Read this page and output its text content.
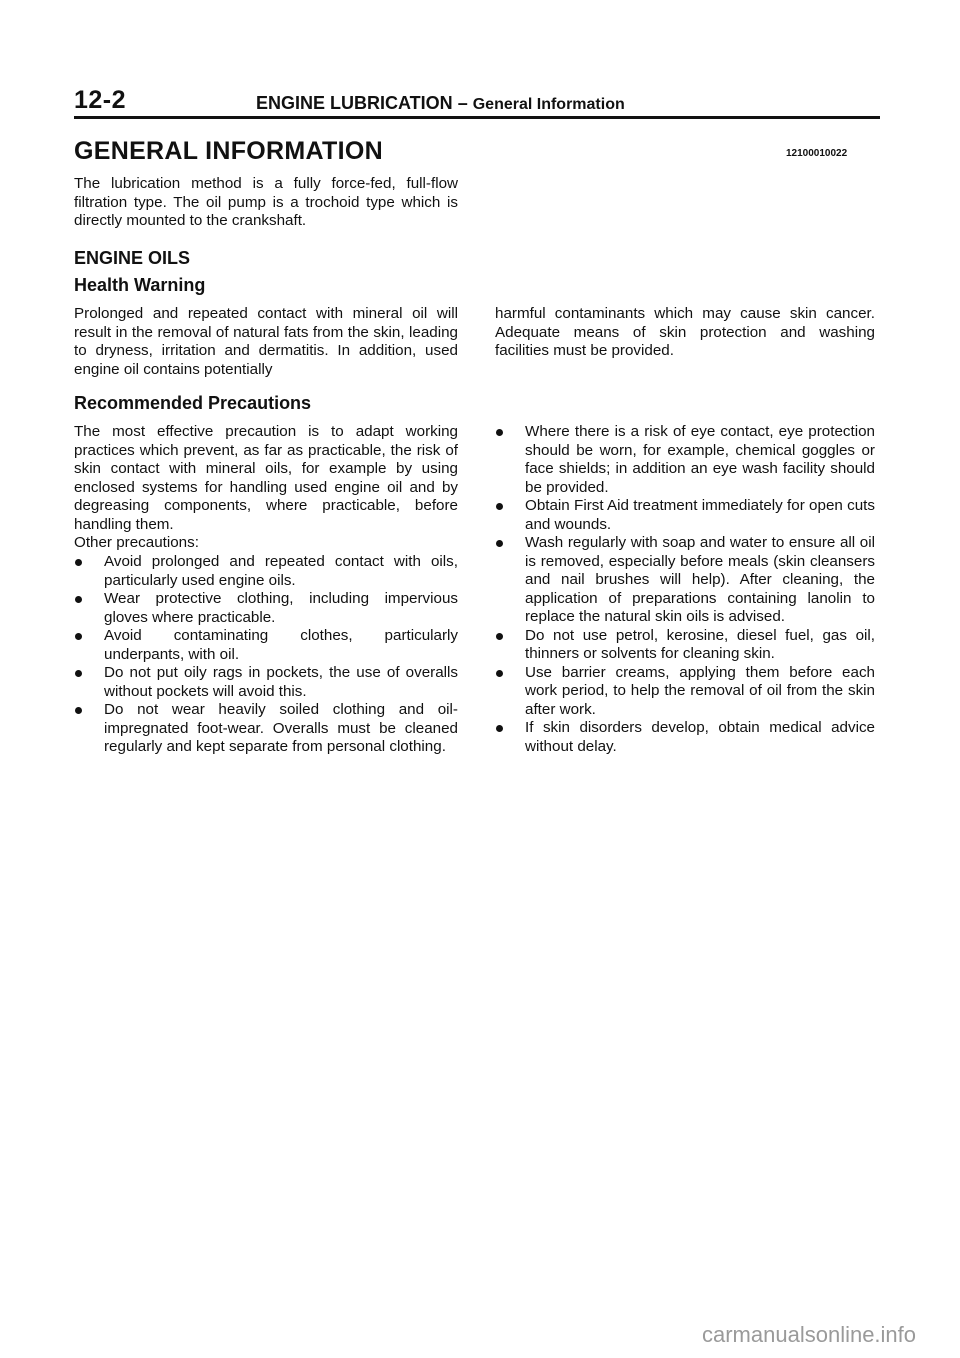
12-2	ENGINE LUBRICATION – General Information
GENERAL INFORMATION	12100010022

The lubrication method is a fully force-fed, full-flow filtration type. The oil pump is a trochoid type which is directly mounted to the crankshaft.

ENGINE OILS
Health Warning

Prolonged and repeated contact with mineral oil will result in the removal of natural fats from the skin, leading to dryness, irritation and dermatitis. In addition, used engine oil contains potentially

harmful contaminants which may cause skin cancer. Adequate means of skin protection and washing facilities must be provided.

Recommended Precautions

The most effective precaution is to adapt working practices which prevent, as far as practicable, the risk of skin contact with mineral oils, for example by using enclosed systems for handling used engine oil and by degreasing components, where practicable, before handling them.

Other precautions:

Avoid prolonged and repeated contact with oils, particularly used engine oils.
Wear protective clothing, including impervious gloves where practicable.
Avoid contaminating clothes, particularly underpants, with oil.
Do not put oily rags in pockets, the use of overalls without pockets will avoid this.
Do not wear heavily soiled clothing and oil-impregnated foot-wear. Overalls must be cleaned regularly and kept separate from personal clothing.
Where there is a risk of eye contact, eye protection should be worn, for example, chemical goggles or face shields; in addition an eye wash facility should be provided.
Obtain First Aid treatment immediately for open cuts and wounds.
Wash regularly with soap and water to ensure all oil is removed, especially before meals (skin cleansers and nail brushes will help). After cleaning, the application of preparations containing lanolin to replace the natural skin oils is advised.
Do not use petrol, kerosine, diesel fuel, gas oil, thinners or solvents for cleaning skin.
Use barrier creams, applying them before each work period, to help the removal of oil from the skin after work.
If skin disorders develop, obtain medical advice without delay.
carmanualsonline.info
